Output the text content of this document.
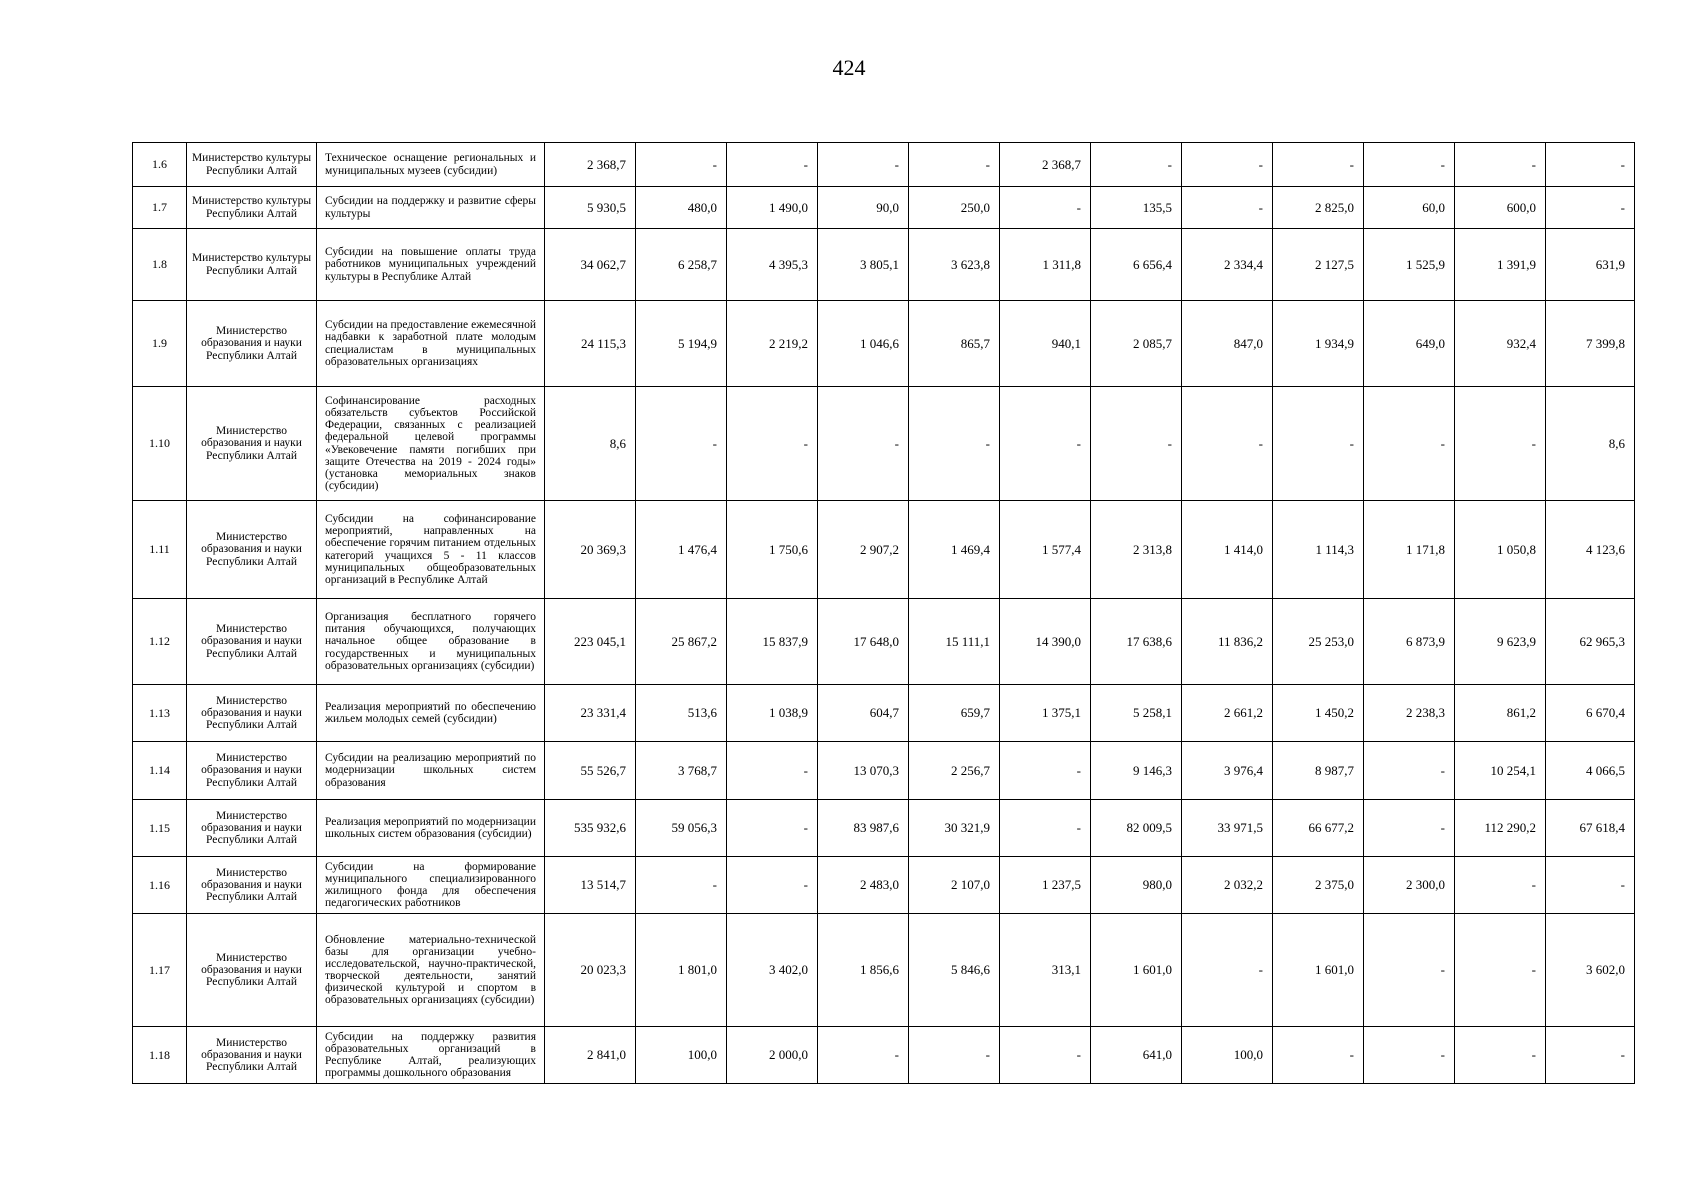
424
1.6	Министерство культуры Республики Алтай	Техническое оснащение региональных и муниципальных музеев (субсидии)	2 368,7	-	-	-	-	2 368,7	-	-	-	-	-	-
1.7	Министерство культуры Республики Алтай	Субсидии на поддержку и развитие сферы культуры	5 930,5	480,0	1 490,0	90,0	250,0	-	135,5	-	2 825,0	60,0	600,0	-
1.8	Министерство культуры Республики Алтай	Субсидии на повышение оплаты труда работников муниципальных учреждений культуры в Республике Алтай	34 062,7	6 258,7	4 395,3	3 805,1	3 623,8	1 311,8	6 656,4	2 334,4	2 127,5	1 525,9	1 391,9	631,9
1.9	Министерство образования и науки Республики Алтай	Субсидии на предоставление ежемесячной надбавки к заработной плате молодым специалистам в муниципальных образовательных организациях	24 115,3	5 194,9	2 219,2	1 046,6	865,7	940,1	2 085,7	847,0	1 934,9	649,0	932,4	7 399,8
1.10	Министерство образования и науки Республики Алтай	Софинансирование расходных обязательств субъектов Российской Федерации, связанных с реализацией федеральной целевой программы «Увековечение памяти погибших при защите Отечества на 2019 - 2024 годы» (установка мемориальных знаков (субсидии)	8,6	-	-	-	-	-	-	-	-	-	-	8,6
1.11	Министерство образования и науки Республики Алтай	Субсидии на софинансирование мероприятий, направленных на обеспечение горячим питанием отдельных категорий учащихся 5 - 11 классов муниципальных общеобразовательных организаций в Республике Алтай	20 369,3	1 476,4	1 750,6	2 907,2	1 469,4	1 577,4	2 313,8	1 414,0	1 114,3	1 171,8	1 050,8	4 123,6
1.12	Министерство образования и науки Республики Алтай	Организация бесплатного горячего питания обучающихся, получающих начальное общее образование в государственных и муниципальных образовательных организациях (субсидии)	223 045,1	25 867,2	15 837,9	17 648,0	15 111,1	14 390,0	17 638,6	11 836,2	25 253,0	6 873,9	9 623,9	62 965,3
1.13	Министерство образования и науки Республики Алтай	Реализация мероприятий по обеспечению жильем молодых семей (субсидии)	23 331,4	513,6	1 038,9	604,7	659,7	1 375,1	5 258,1	2 661,2	1 450,2	2 238,3	861,2	6 670,4
1.14	Министерство образования и науки Республики Алтай	Субсидии на реализацию мероприятий по модернизации школьных систем образования	55 526,7	3 768,7	-	13 070,3	2 256,7	-	9 146,3	3 976,4	8 987,7	-	10 254,1	4 066,5
1.15	Министерство образования и науки Республики Алтай	Реализация мероприятий по модернизации школьных систем образования (субсидии)	535 932,6	59 056,3	-	83 987,6	30 321,9	-	82 009,5	33 971,5	66 677,2	-	112 290,2	67 618,4
1.16	Министерство образования и науки Республики Алтай	Субсидии на формирование муниципального специализированного жилищного фонда для обеспечения педагогических работников	13 514,7	-	-	2 483,0	2 107,0	1 237,5	980,0	2 032,2	2 375,0	2 300,0	-	-
1.17	Министерство образования и науки Республики Алтай	Обновление материально-технической базы для организации учебно-исследовательской, научно-практической, творческой деятельности, занятий физической культурой и спортом в образовательных организациях (субсидии)	20 023,3	1 801,0	3 402,0	1 856,6	5 846,6	313,1	1 601,0	-	1 601,0	-	-	3 602,0
1.18	Министерство образования и науки Республики Алтай	Субсидии на поддержку развития образовательных организаций в Республике Алтай, реализующих программы дошкольного образования	2 841,0	100,0	2 000,0	-	-	-	641,0	100,0	-	-	-	-
